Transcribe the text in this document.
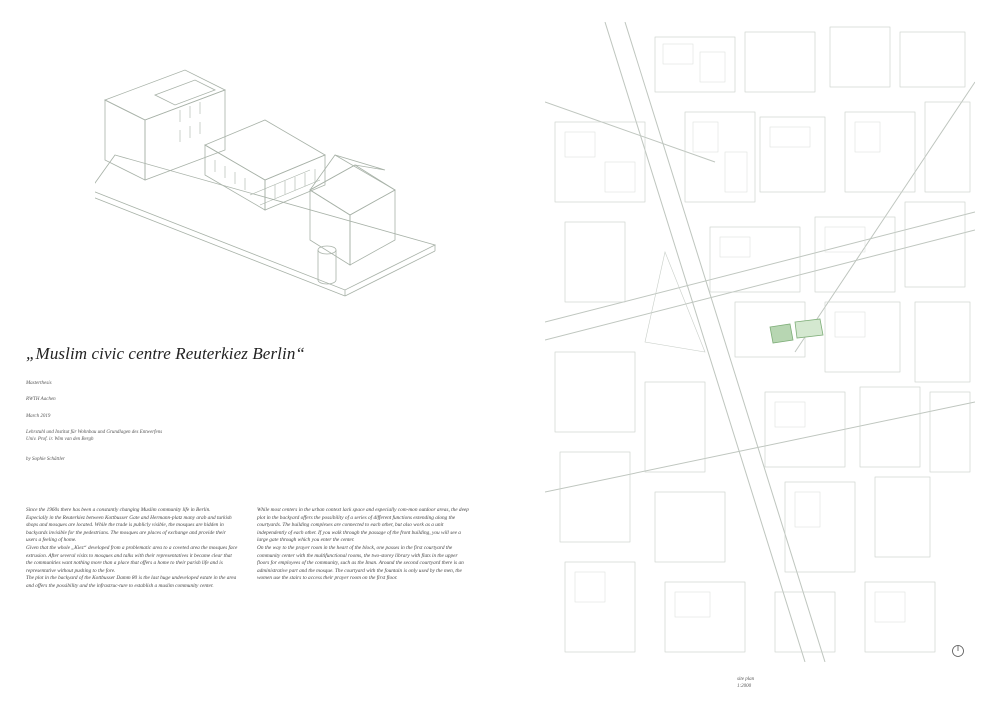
„Muslim civic centre Reuterkiez Berlin“
Masterthesis
RWTH Aachen
March 2019
Lehrstuhl und Institut für Wohnbau und Grundlagen des Entwerfens
Univ. Prof. ir. Wim van den Bergh
by Sophie Schättler

Since the 1960s there has been a constantly changing Muslim community life in Berlin.

Especially in the Reuterkiez between Kottbusser Gate and Hermann-platz many arab and turkish shops and mosques are located. While the trade is publicly visible, the mosques are hidden in backyards invisible for the pedestrians. The mosques are places of exchange and provide their users a feeling of home.

Given that the whole „Kiez“ developed from a problematic area to a coveted area the mosques face extrusion. After several visits to mosques and talks with their representatives it became clear that the communities want nothing more than a place that offers a home to their parish life and is representative without pushing to the fore.

The plot in the backyard of the Kottbusser Damm 80 is the last huge undeveloped estate in the area and offers the possibility and the infrastruc-ture to establish a muslim community center.

While most centers in the urban context lack space and especially com-mon outdoor areas, the deep plot in the backyard offers the possibility of a series of different functions extending along the courtyards. The building complexes are connected to each other, but also work as a unit independently of each other. If you walk through the passage of the front building, you will see a large gate through which you enter the center.

On the way to the prayer room in the heart of the block, one passes in the first courtyard the community center with the multifunctional rooms, the two-storey library with flats in the upper floors for employees of the community, such as the Iman. Around the second courtyard there is an administrative part and the mosque. The courtyard with the fountain is only used by the men, the women use the stairs to access their prayer room on the first floor.

site plan
1:2000
